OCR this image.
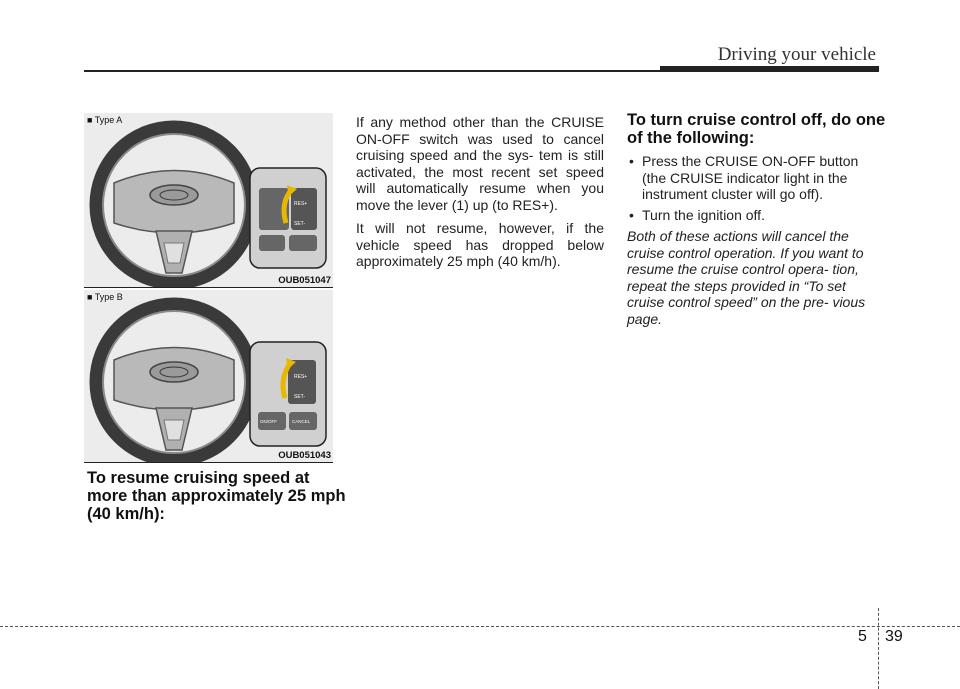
Driving your vehicle
RES+
SET-
■ Type A
OUB051047
RES+
SET-
ON/OFF	CANCEL
■ Type B
OUB051043
To resume cruising speed at more than approximately 25 mph (40 km/h):

If any method other than the CRUISE ON-OFF switch was used to cancel cruising speed and the sys- tem is still activated, the most recent set speed will automatically resume when you move the lever (1) up (to RES+).

It will not resume, however, if the vehicle speed has dropped below approximately 25 mph (40 km/h).

To turn cruise control off, do one of the following:
• Press the CRUISE ON-OFF button (the CRUISE indicator light in the instrument cluster will go off).
• Turn the ignition off.
Both of these actions will cancel the cruise control operation. If you want to resume the cruise control opera- tion, repeat the steps provided in “To set cruise control speed” on the pre- vious page.
5 39
